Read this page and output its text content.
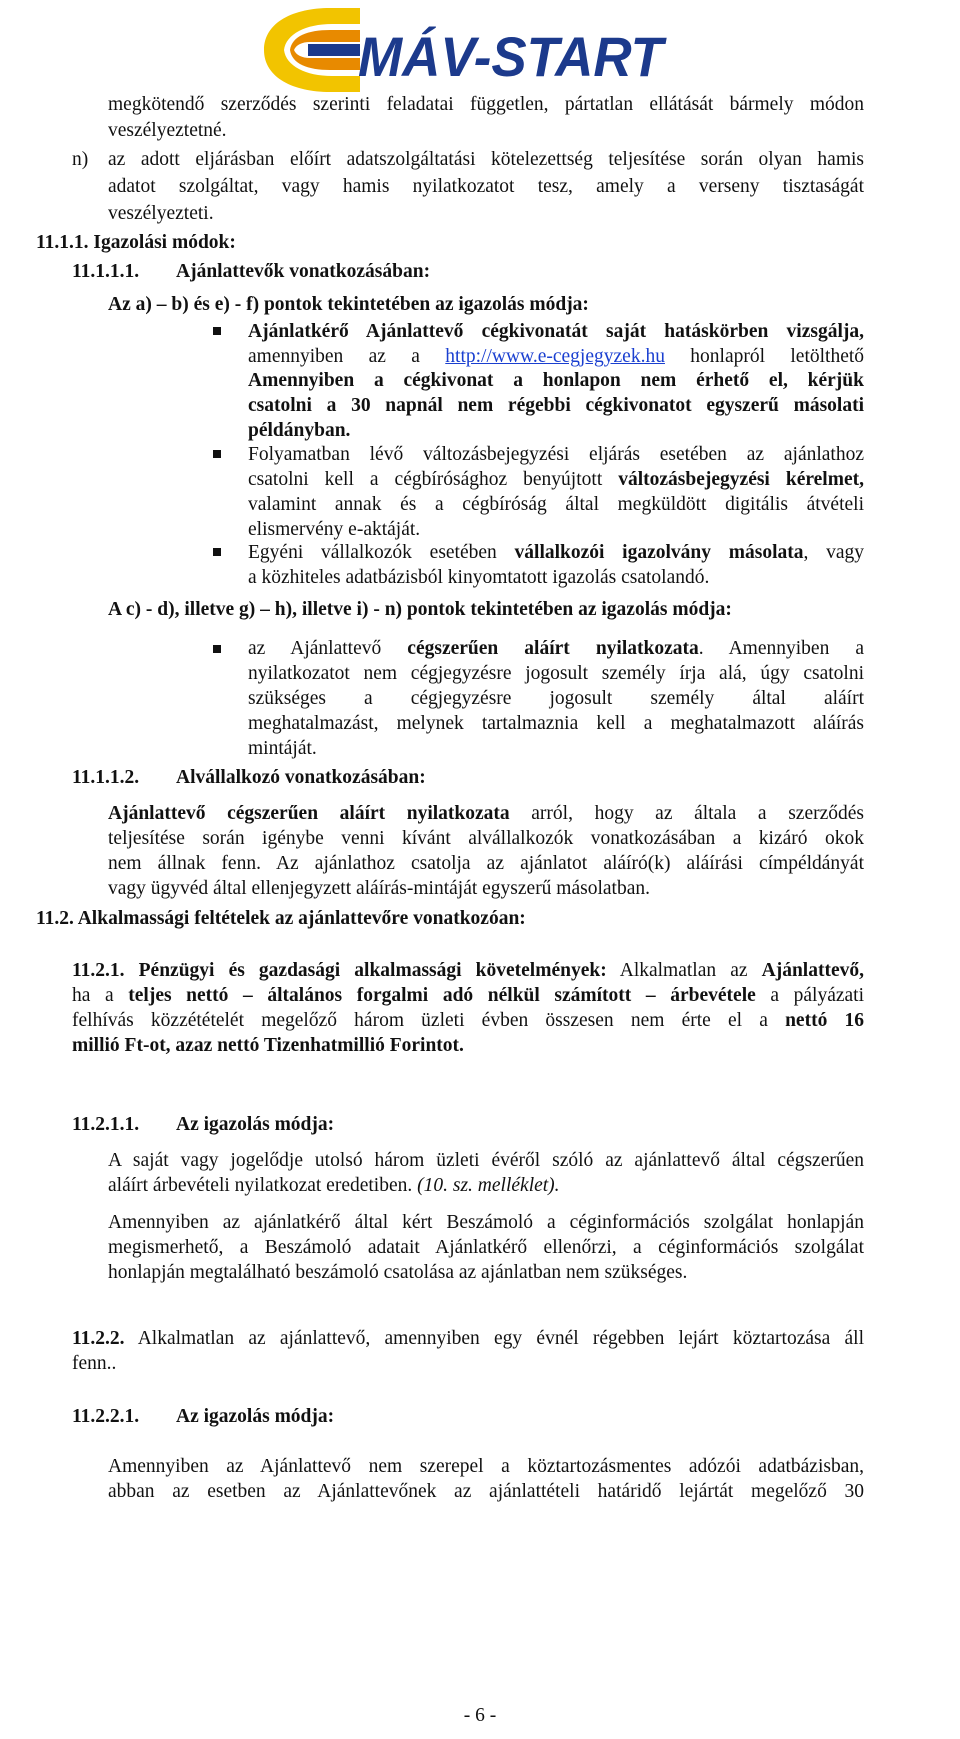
MÁV-START
megkötendő szerződés szerinti feladatai független, pártatlan ellátását bármely módon
veszélyeztetné.
n) az adott eljárásban előírt adatszolgáltatási kötelezettség teljesítése során olyan hamis
adatot szolgáltat, vagy hamis nyilatkozatot tesz, amely a verseny tisztaságát
veszélyezteti.
11.1.1. Igazolási módok:
11.1.1.1. Ajánlattevők vonatkozásában:
Az a) – b) és e) - f) pontok tekintetében az igazolás módja:
Ajánlatkérő Ajánlattevő cégkivonatát saját hatáskörben vizsgálja,
amennyiben az a http://www.e-cegjegyzek.hu honlapról letölthető
Amennyiben a cégkivonat a honlapon nem érhető el, kérjük
csatolni a 30 napnál nem régebbi cégkivonatot egyszerű másolati
példányban.
Folyamatban lévő változásbejegyzési eljárás esetében az ajánlathoz
csatolni kell a cégbírósághoz benyújtott változásbejegyzési kérelmet,
valamint annak és a cégbíróság által megküldött digitális átvételi
elismervény e-aktáját.
Egyéni vállalkozók esetében vállalkozói igazolvány másolata, vagy
a közhiteles adatbázisból kinyomtatott igazolás csatolandó.
A c) - d), illetve g) – h), illetve i) - n) pontok tekintetében az igazolás módja:
az Ajánlattevő cégszerűen aláírt nyilatkozata. Amennyiben a
nyilatkozatot nem cégjegyzésre jogosult személy írja alá, úgy csatolni
szükséges a cégjegyzésre jogosult személy által aláírt
meghatalmazást, melynek tartalmaznia kell a meghatalmazott aláírás
mintáját.
11.1.1.2. Alvállalkozó vonatkozásában:
Ajánlattevő cégszerűen aláírt nyilatkozata arról, hogy az általa a szerződés
teljesítése során igénybe venni kívánt alvállalkozók vonatkozásában a kizáró okok
nem állnak fenn. Az ajánlathoz csatolja az ajánlatot aláíró(k) aláírási címpéldányát
vagy ügyvéd által ellenjegyzett aláírás-mintáját egyszerű másolatban.
11.2. Alkalmassági feltételek az ajánlattevőre vonatkozóan:
11.2.1. Pénzügyi és gazdasági alkalmassági követelmények: Alkalmatlan az Ajánlattevő,
ha a teljes nettó – általános forgalmi adó nélkül számított – árbevétele a pályázati
felhívás közzétételét megelőző három üzleti évben összesen nem érte el a nettó 16
millió Ft-ot, azaz nettó Tizenhatmillió Forintot.
11.2.1.1. Az igazolás módja:
A saját vagy jogelődje utolsó három üzleti évéről szóló az ajánlattevő által cégszerűen
aláírt árbevételi nyilatkozat eredetiben. (10. sz. melléklet).
Amennyiben az ajánlatkérő által kért Beszámoló a céginformációs szolgálat honlapján
megismerhető, a Beszámoló adatait Ajánlatkérő ellenőrzi, a céginformációs szolgálat
honlapján megtalálható beszámoló csatolása az ajánlatban nem szükséges.
11.2.2. Alkalmatlan az ajánlattevő, amennyiben egy évnél régebben lejárt köztartozása áll
fenn..
11.2.2.1. Az igazolás módja:
Amennyiben az Ajánlattevő nem szerepel a köztartozásmentes adózói adatbázisban,
abban az esetben az Ajánlattevőnek az ajánlattételi határidő lejártát megelőző 30
- 6 -
